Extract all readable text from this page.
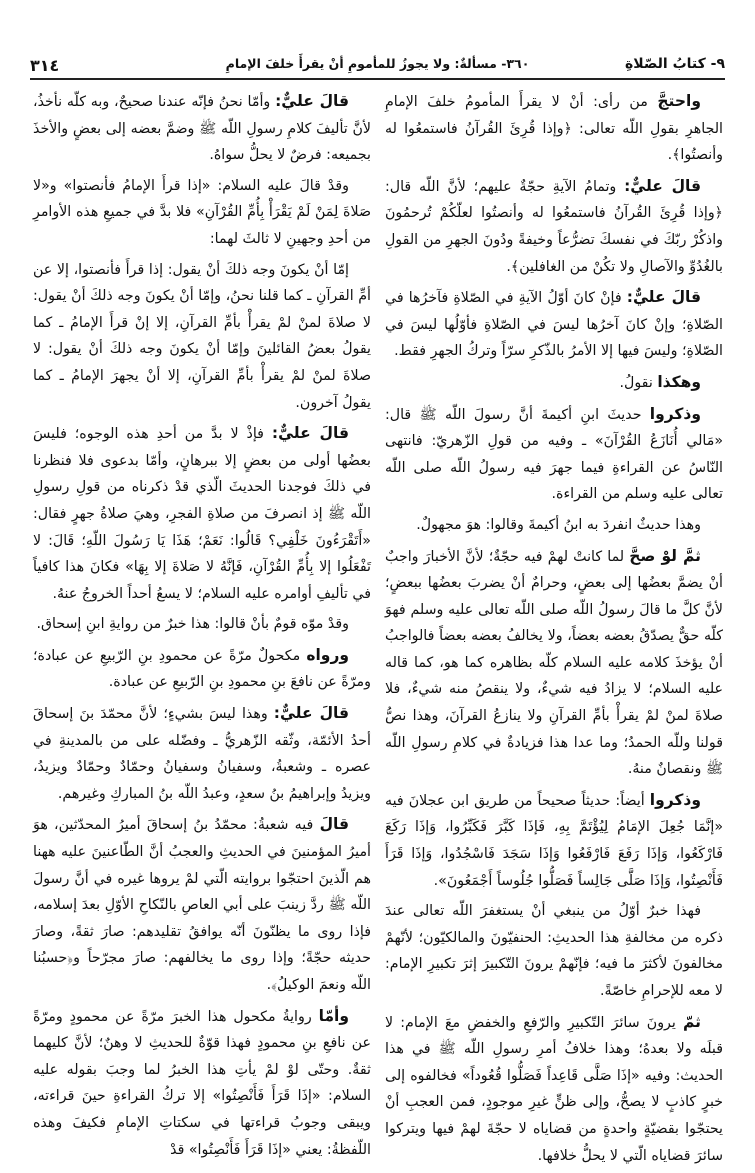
٩- كتابُ الصّلاةِ
٣٦٠- مسألةٌ: ولا يجوزُ للمأمومِ أنْ يقرأَ خلفَ الإمامِ
٣١٤

واحتجَّ من رأى: أنْ لا يقرأَ المأمومُ خلفَ الإمامِ الجاهرِ بقولِ اللّه تعالى: ﴿وإذا قُرِئَ القُرآنُ فاستمعُوا له وأنصتُوا﴾.

قالَ عليٌّ: وتمامُ الآيةِ حجّةٌ عليهم؛ لأنَّ اللّه قال: ﴿وإذا قُرِئَ القُرآنُ فاستمعُوا له وأنصتُوا لعلّكُمْ تُرحمُونَ واذكُرْ ربّكَ في نفسكَ تضرُّعاً وخيفةً ودُونَ الجهرِ من القولِ بالغُدُوِّ والآصالِ ولا تكُنْ من الغافلين﴾.

قالَ عليٌّ: فإنْ كانَ أوّلُ الآيةِ في الصّلاةِ فآخرُها في الصّلاةِ؛ وإنْ كانَ آخرُها ليسَ في الصّلاةِ فأوّلُها ليسَ في الصّلاةِ؛ وليسَ فيها إلا الأمرُ بالذّكرِ سرّاً وتركُ الجهرِ فقط.

وهكذا نقولُ.

وذكروا حديثَ ابنِ أكيمةَ أنَّ رسولَ اللّه ﷺ قال: «مَالي أُنَازَعُ القُرْآنَ» ـ وفيه من قولِ الزّهريّ: فانتهى النّاسُ عن القراءةِ فيما جهرَ فيه رسولُ اللّه صلى اللّه تعالى عليه وسلم من القراءة.

وهذا حديثٌ انفردَ به ابنُ أكيمةَ وقالوا: هوَ مجهولٌ.

ثمَّ لوْ صحَّ لما كانتْ لهمْ فيه حجّةٌ؛ لأنَّ الأخبارَ واجبٌ أنْ يضمَّ بعضُها إلى بعضٍ، وحرامٌ أنْ يضربَ بعضُها ببعضٍ؛ لأنَّ كلَّ ما قالَ رسولُ اللّه صلى اللّه تعالى عليه وسلم فهوَ كلّه حقٌّ يصدّقُ بعضه بعضاً، ولا يخالفُ بعضه بعضاً فالواجبُ أنْ يؤخذَ كلامه عليه السلام كلّه بظاهره كما هو، كما قاله عليه السلام؛ لا يزادُ فيه شيءٌ، ولا ينقصُ منه شيءٌ، فلا صلاةَ لمنْ لمْ يقرأْ بأمِّ القرآنِ ولا ينازعُ القرآنَ، وهذا نصُّ قولنا وللّه الحمدُ؛ وما عدا هذا فزيادةٌ في كلامِ رسولِ اللّه ﷺ ونقصانٌ منهُ.

وذكروا أيضاً: حديثاً صحيحاً من طريق ابن عجلانَ فيه «إنَّمَا جُعِلَ الإمَامُ لِيُؤْتَمَّ بِهِ، فَإذَا كَبَّرَ فَكَبِّرُوا، وَإذَا رَكَعَ فَارْكَعُوا، وَإذَا رَفَعَ فَارْفَعُوا وَإذَا سَجَدَ فَاسْجُدُوا، وَإذَا قَرَأَ فَأَنْصِتُوا، وَإذَا صَلَّى جَالِساً فَصَلُّوا جُلُوساً أَجْمَعُونَ».

فهذا خبرٌ أوّلُ من ينبغي أنْ يستغفرَ اللّه تعالى عندَ ذكره من مخالفةِ هذا الحديثِ: الحنفيّونَ والمالكيّون؛ لأنّهمْ مخالفونَ لأكثرَ ما فيه؛ فإنّهمْ يرونَ التّكبيرَ إثرَ تكبيرِ الإمام: لا معه للإحرامِ خاصّةً.

ثمّ يرونَ سائرَ التّكبيرِ والرّفعِ والخفضِ معَ الإمام: لا قبلَه ولا بعدهُ؛ وهذا خلافُ أمرِ رسولِ اللّه ﷺ في هذا الحديث: وفيه «إذَا صَلَّى قَاعِداً فَصَلُّوا قُعُوداً» فخالفوه إلى خبرٍ كاذبٍ لا يصحُّ، وإلى ظنٍّ غيرِ موجودٍ، فمن العجبِ أنْ يحتجّوا بقضيّةٍ واحدةٍ من قضاياه لا حجّةَ لهمْ فيها ويتركوا سائرَ قضاياه الّتي لا يحلُّ خلافها.

قالَ عليٌّ: وأمّا نحنُ فإنّه عندنا صحيحٌ، وبه كلّه نأخذُ، لأنَّ تأليفَ كلامِ رسولِ اللّه ﷺ وضمَّ بعضه إلى بعضٍ والأخذَ بجميعه: فرضٌ لا يحلُّ سواهُ.

وقدْ قالَ عليه السلام: «إذا قرأَ الإمامُ فأنصتوا» و«لا صَلاةَ لِمَنْ لَمْ يَقْرَأْ بِأُمِّ القُرْآنِ» فلا بدَّ في جميعِ هذه الأوامرِ من أحدِ وجهينِ لا ثالثَ لهما:

إمّا أنْ يكونَ وجه ذلكَ أنْ يقول: إذا قرأَ فأنصتوا، إلا عن أمِّ القرآنِ ـ كما قلنا نحنُ، وإمّا أنْ يكونَ وجه ذلكَ أنْ يقول: لا صلاةَ لمنْ لمْ يقرأْ بأمِّ القرآنِ، إلا إنْ قرأَ الإمامُ ـ كما يقولُ بعضُ القائلينَ وإمّا أنْ يكونَ وجه ذلكَ أنْ يقول: لا صلاةَ لمنْ لمْ يقرأْ بأمِّ القرآنِ، إلا أنْ يجهرَ الإمامُ ـ كما يقولُ آخرون.

قالَ عليٌّ: فإذْ لا بدَّ من أحدِ هذه الوجوه؛ فليسَ بعضُها أولى من بعضٍ إلا ببرهانٍ، وأمّا بدعوى فلا فنظرنا في ذلكَ فوجدنا الحديثَ الّذي قدْ ذكرناه من قولِ رسولِ اللّه ﷺ إذ انصرفَ من صلاةِ الفجرِ، وهيَ صلاةُ جهرٍ فقال: «أَتَقْرَءُونَ خَلْفِي؟ قَالُوا: نَعَمْ؛ هَذَا يَا رَسُولَ اللّهِ؛ قَالَ: لا تَفْعَلُوا إلا بِأُمِّ القُرْآنِ، فَإنَّهُ لا صَلاةَ إلا بِهَا» فكانَ هذا كافياً في تأليفِ أوامره عليه السلام؛ لا يسعُ أحداً الخروجُ عنهُ.

وقدْ موّه قومٌ بأنْ قالوا: هذا خبرٌ من روايةِ ابنِ إسحاق.

ورواه مكحولٌ مرّةً عن محمودِ بنِ الرّبيعِ عن عبادة؛ ومرّةً عن نافعَ بنِ محمودِ بنِ الرّبيعِ عن عبادة.

قالَ عليٌّ: وهذا ليسَ بشيءٍ؛ لأنَّ محمّدَ بنَ إسحاقَ أحدُ الأئمّة، وثّقه الزّهريُّ ـ وفضّله على من بالمدينةِ في عصره ـ وشعبةُ، وسفيانُ وسفيانُ وحمّادٌ وحمّادٌ ويزيدُ، ويزيدُ وإبراهيمُ بنُ سعدٍ، وعبدُ اللّه بنُ المباركِ وغيرهم.

قالَ فيه شعبةُ: محمّدُ بنُ إسحاقَ أميرُ المحدّثين، هوَ أميرُ المؤمنينَ في الحديثِ والعجبُ أنَّ الطّاعنينَ عليه ههنا هم الّذينَ احتجّوا بروايته الّتي لمْ يروها غيره في أنَّ رسولَ اللّه ﷺ ردَّ زينبَ على أبي العاصِ بالنّكاحِ الأوّلِ بعدَ إسلامه، فإذا روى ما يظنّونَ أنّه يوافقُ تقليدهم: صارَ ثقةً، وصارَ حديثه حجّةً؛ وإذا روى ما يخالفهم: صارَ مجرّحاً و﴿حسبُنا اللّه ونعمَ الوكيلُ﴾.

وأمّا روايةُ مكحول هذا الخبرَ مرّةً عن محمودٍ ومرّةً عن نافعِ بنِ محمودٍ فهذا قوّةٌ للحديثِ لا وهنٌ؛ لأنَّ كليهما ثقةٌ. وحتّى لوْ لمْ يأتِ هذا الخبرُ لما وجبَ بقوله عليه السلام: «إذَا قَرَأَ فَأَنْصِتُوا» إلا تركُ القراءةِ حينَ قراءته، ويبقى وجوبُ قراءتها في سكتاتِ الإمامِ فكيفَ وهذه اللّفظةُ: يعني «إذَا قَرَأَ فَأَنْصِتُوا» قدْ
